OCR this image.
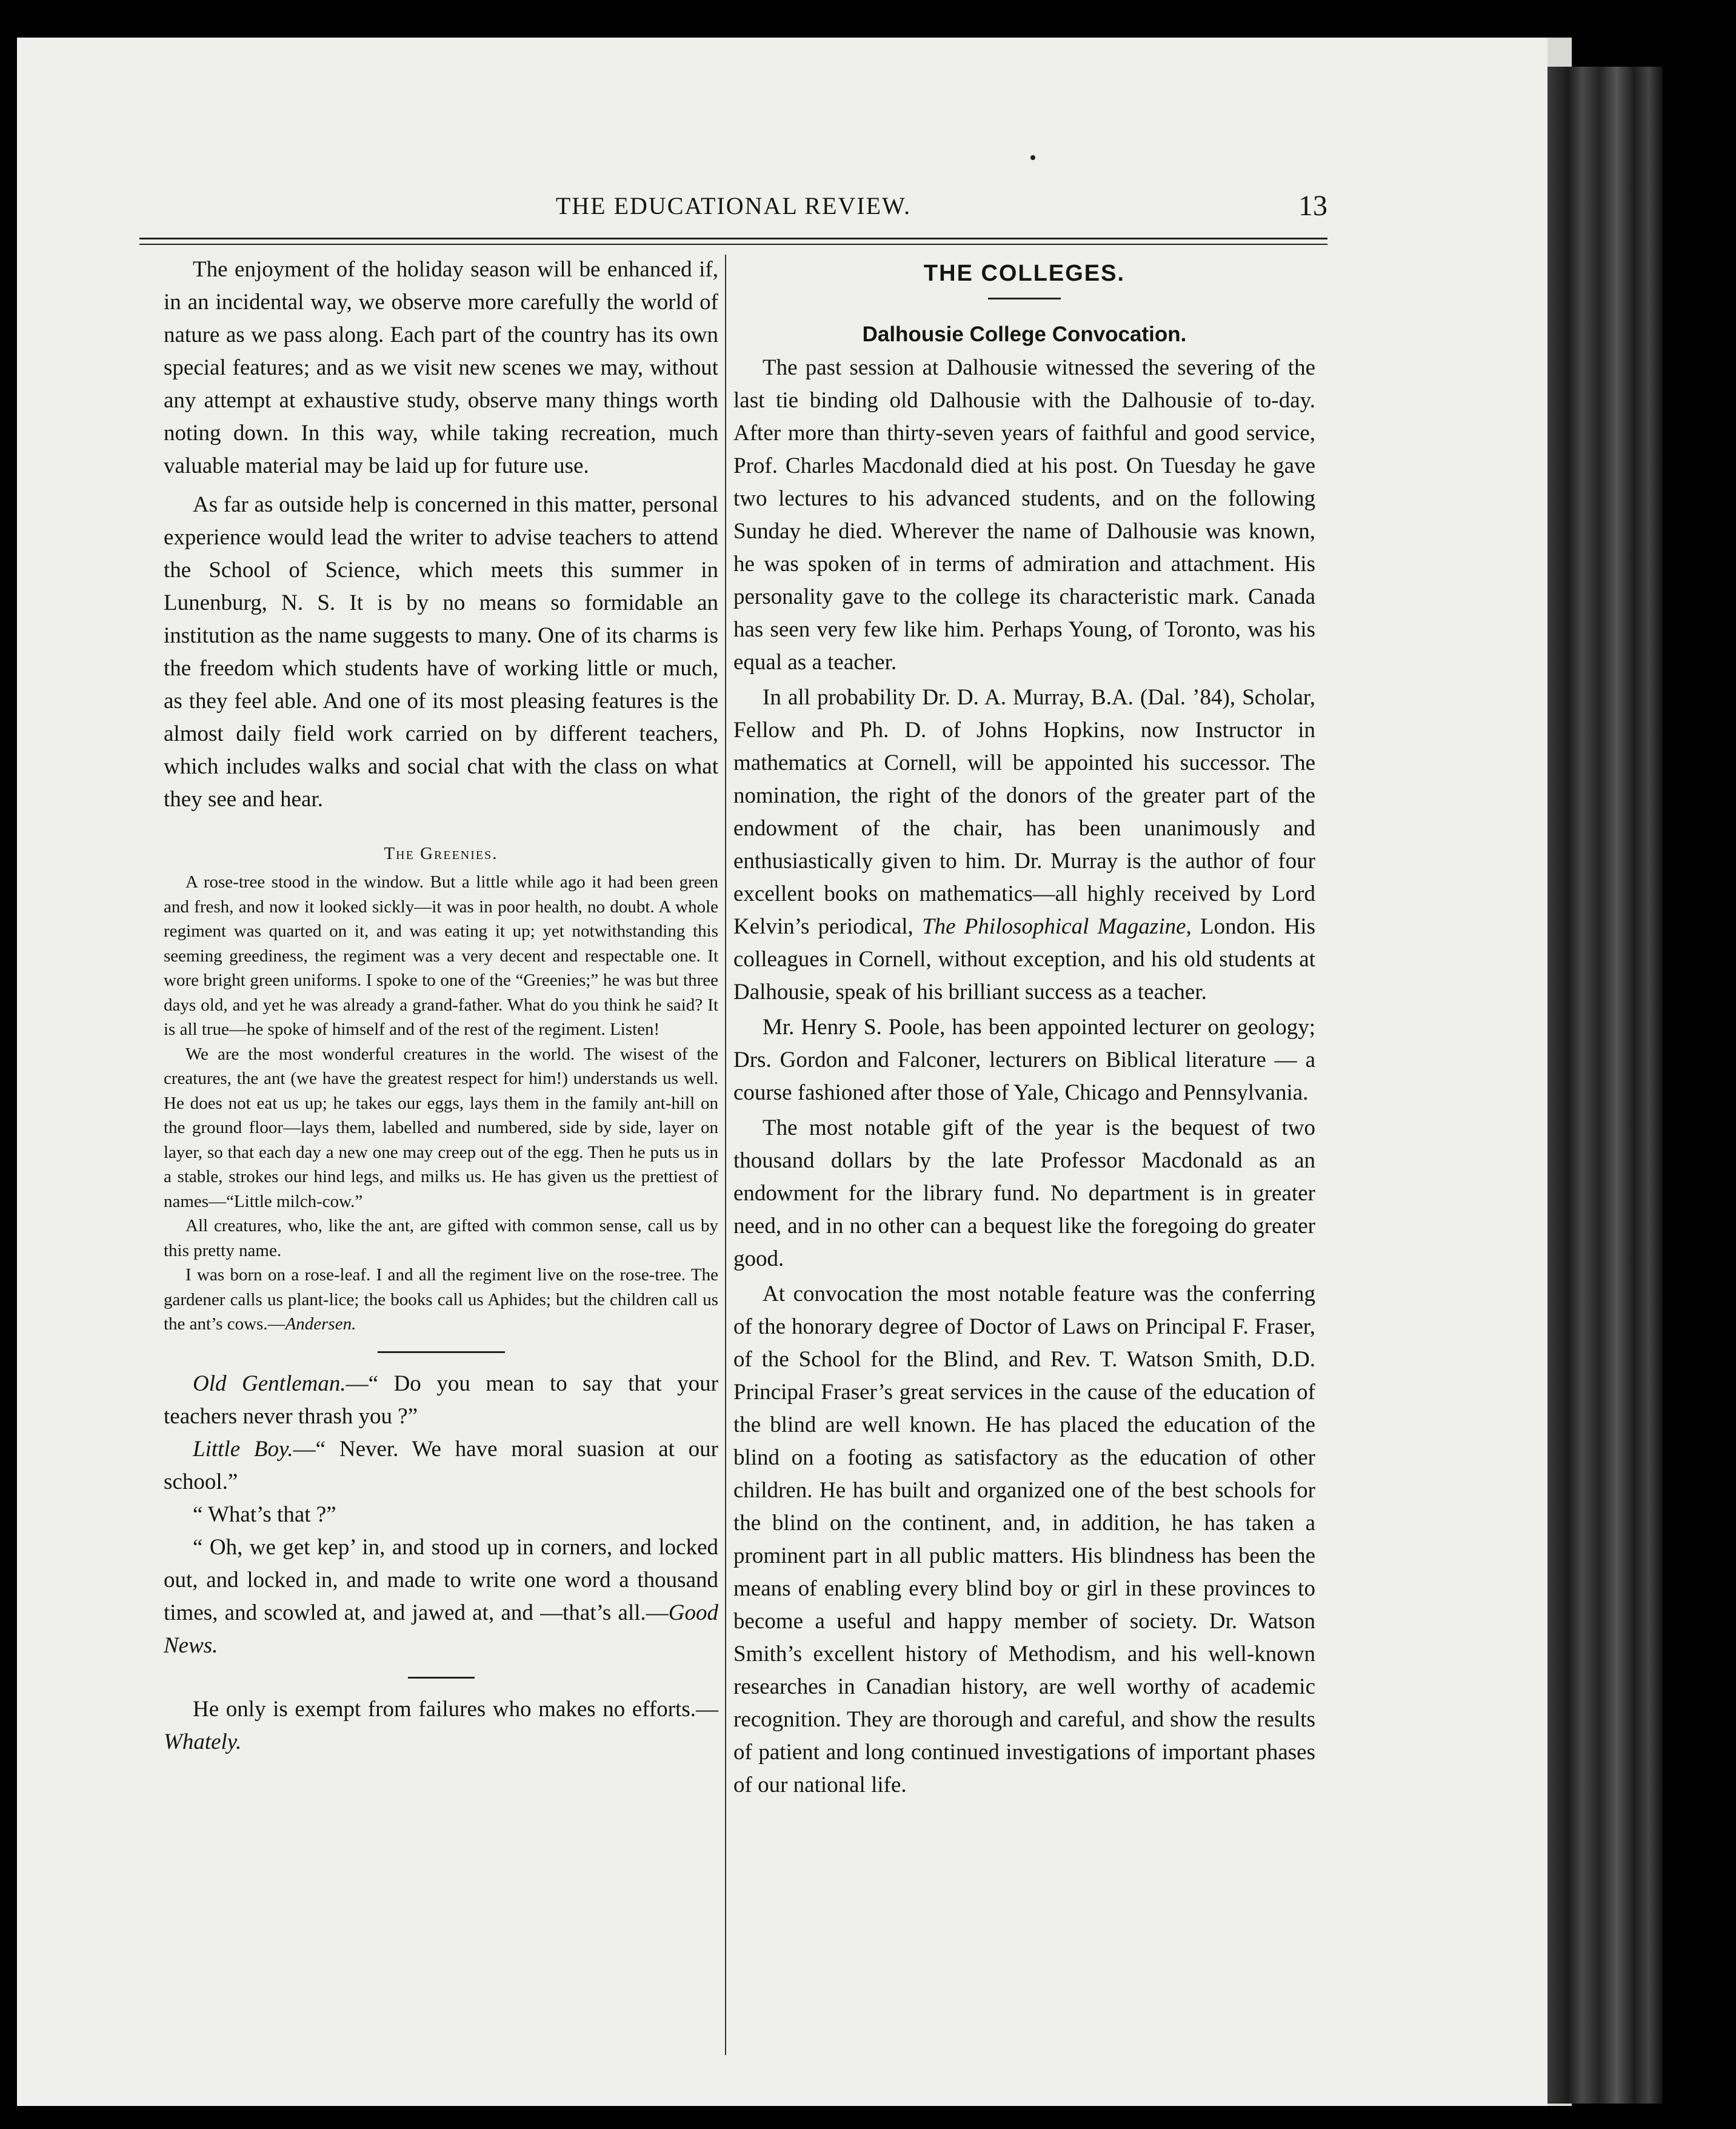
THE EDUCATIONAL REVIEW.	13

The enjoyment of the holiday season will be enhanced if, in an incidental way, we observe more carefully the world of nature as we pass along. Each part of the country has its own special features; and as we visit new scenes we may, without any attempt at exhaustive study, observe many things worth noting down. In this way, while taking recreation, much valuable material may be laid up for future use.

As far as outside help is concerned in this matter, personal experience would lead the writer to advise teachers to attend the School of Science, which meets this summer in Lunenburg, N. S. It is by no means so formidable an institution as the name suggests to many. One of its charms is the freedom which students have of working little or much, as they feel able. And one of its most pleasing features is the almost daily field work carried on by different teachers, which includes walks and social chat with the class on what they see and hear.

The Greenies.

A rose-tree stood in the window. But a little while ago it had been green and fresh, and now it looked sickly—it was in poor health, no doubt. A whole regiment was quarted on it, and was eating it up; yet notwithstanding this seeming greediness, the regiment was a very decent and respectable one. It wore bright green uniforms. I spoke to one of the “Greenies;” he was but three days old, and yet he was already a grand-father. What do you think he said? It is all true—he spoke of himself and of the rest of the regiment. Listen!

We are the most wonderful creatures in the world. The wisest of the creatures, the ant (we have the greatest respect for him!) understands us well. He does not eat us up; he takes our eggs, lays them in the family ant-hill on the ground floor—lays them, labelled and numbered, side by side, layer on layer, so that each day a new one may creep out of the egg. Then he puts us in a stable, strokes our hind legs, and milks us. He has given us the prettiest of names—“Little milch-cow.”

All creatures, who, like the ant, are gifted with common sense, call us by this pretty name.

I was born on a rose-leaf. I and all the regiment live on the rose-tree. The gardener calls us plant-lice; the books call us Aphides; but the children call us the ant’s cows.—Andersen.

Old Gentleman.—“ Do you mean to say that your teachers never thrash you ?”

Little Boy.—“ Never. We have moral suasion at our school.”

“ What’s that ?”

“ Oh, we get kep’ in, and stood up in corners, and locked out, and locked in, and made to write one word a thousand times, and scowled at, and jawed at, and —that’s all.—Good News.

He only is exempt from failures who makes no efforts.— Whately.

THE COLLEGES.
Dalhousie College Convocation.

The past session at Dalhousie witnessed the severing of the last tie binding old Dalhousie with the Dalhousie of to-day. After more than thirty-seven years of faithful and good service, Prof. Charles Macdonald died at his post. On Tuesday he gave two lectures to his advanced students, and on the following Sunday he died. Wherever the name of Dalhousie was known, he was spoken of in terms of admiration and attachment. His personality gave to the college its characteristic mark. Canada has seen very few like him. Perhaps Young, of Toronto, was his equal as a teacher.

In all probability Dr. D. A. Murray, B.A. (Dal. ’84), Scholar, Fellow and Ph. D. of Johns Hopkins, now Instructor in mathematics at Cornell, will be appointed his successor. The nomination, the right of the donors of the greater part of the endowment of the chair, has been unanimously and enthusiastically given to him. Dr. Murray is the author of four excellent books on mathematics—all highly received by Lord Kelvin’s periodical, The Philosophical Magazine, London. His colleagues in Cornell, without exception, and his old students at Dalhousie, speak of his brilliant success as a teacher.

Mr. Henry S. Poole, has been appointed lecturer on geology; Drs. Gordon and Falconer, lecturers on Biblical literature — a course fashioned after those of Yale, Chicago and Pennsylvania.

The most notable gift of the year is the bequest of two thousand dollars by the late Professor Macdonald as an endowment for the library fund. No department is in greater need, and in no other can a bequest like the foregoing do greater good.

At convocation the most notable feature was the conferring of the honorary degree of Doctor of Laws on Principal F. Fraser, of the School for the Blind, and Rev. T. Watson Smith, D.D. Principal Fraser’s great services in the cause of the education of the blind are well known. He has placed the education of the blind on a footing as satisfactory as the education of other children. He has built and organized one of the best schools for the blind on the continent, and, in addition, he has taken a prominent part in all public matters. His blindness has been the means of enabling every blind boy or girl in these provinces to become a useful and happy member of society. Dr. Watson Smith’s excellent history of Methodism, and his well-known researches in Canadian history, are well worthy of academic recognition. They are thorough and careful, and show the results of patient and long continued investigations of important phases of our national life.
